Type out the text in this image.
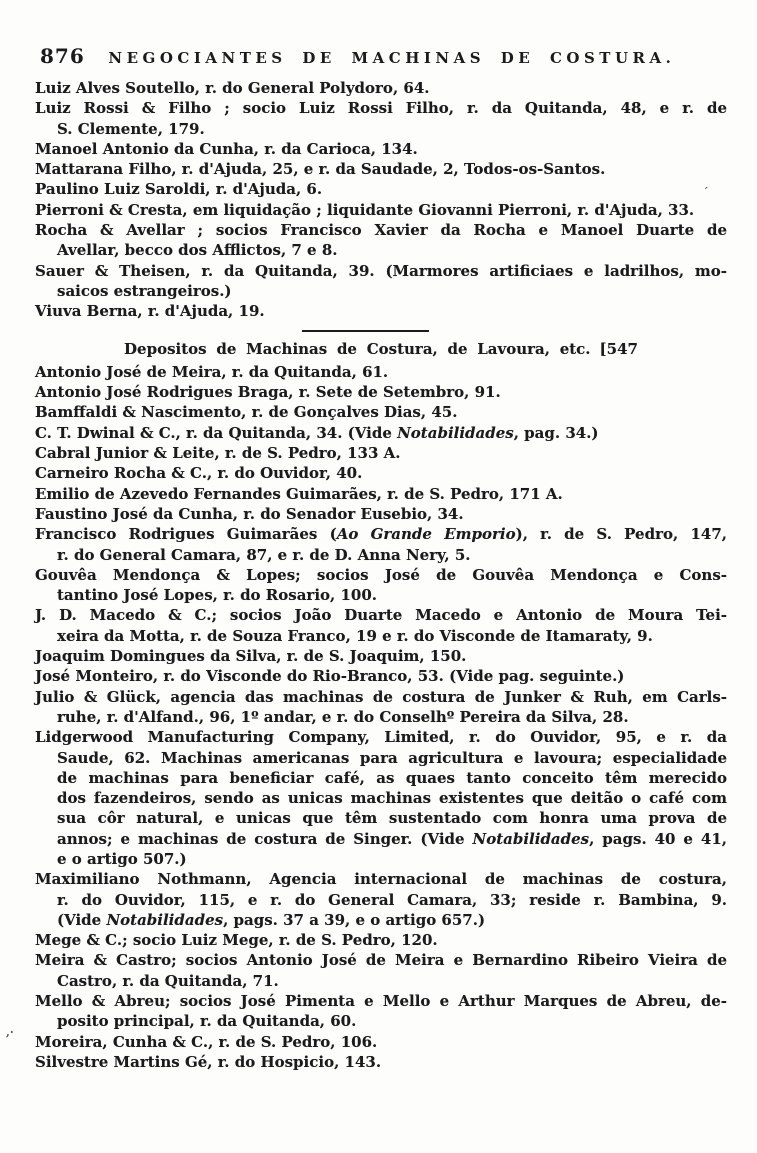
876	NEGOCIANTES DE MACHINAS DE COSTURA.
Luiz Alves Soutello, r. do General Polydoro, 64.
Luiz Rossi & Filho ; socio Luiz Rossi Filho, r. da Quitanda, 48, e r. de
S. Clemente, 179.
Manoel Antonio da Cunha, r. da Carioca, 134.
Mattarana Filho, r. d'Ajuda, 25, e r. da Saudade, 2, Todos-os-Santos.
Paulino Luiz Saroldi, r. d'Ajuda, 6.
Pierroni & Cresta, em liquidação ; liquidante Giovanni Pierroni, r. d'Ajuda, 33.
Rocha & Avellar ; socios Francisco Xavier da Rocha e Manoel Duarte de
Avellar, becco dos Afflictos, 7 e 8.
Sauer & Theisen, r. da Quitanda, 39. (Marmores artificiaes e ladrilhos, mo-
saicos estrangeiros.)
Viuva Berna, r. d'Ajuda, 19.
Depositos de Machinas de Costura, de Lavoura, etc. [547
Antonio José de Meira, r. da Quitanda, 61.
Antonio José Rodrigues Braga, r. Sete de Setembro, 91.
Bamffaldi & Nascimento, r. de Gonçalves Dias, 45.
C. T. Dwinal & C., r. da Quitanda, 34. (Vide Notabilidades, pag. 34.)
Cabral Junior & Leite, r. de S. Pedro, 133 A.
Carneiro Rocha & C., r. do Ouvidor, 40.
Emilio de Azevedo Fernandes Guimarães, r. de S. Pedro, 171 A.
Faustino José da Cunha, r. do Senador Eusebio, 34.
Francisco Rodrigues Guimarães (Ao Grande Emporio), r. de S. Pedro, 147,
r. do General Camara, 87, e r. de D. Anna Nery, 5.
Gouvêa Mendonça & Lopes; socios José de Gouvêa Mendonça e Cons-
tantino José Lopes, r. do Rosario, 100.
J. D. Macedo & C.; socios João Duarte Macedo e Antonio de Moura Tei-
xeira da Motta, r. de Souza Franco, 19 e r. do Visconde de Itamaraty, 9.
Joaquim Domingues da Silva, r. de S. Joaquim, 150.
José Monteiro, r. do Visconde do Rio-Branco, 53. (Vide pag. seguinte.)
Julio & Glück, agencia das machinas de costura de Junker & Ruh, em Carls-
ruhe, r. d'Alfand., 96, 1º andar, e r. do Conselhº Pereira da Silva, 28.
Lidgerwood Manufacturing Company, Limited, r. do Ouvidor, 95, e r. da
Saude, 62. Machinas americanas para agricultura e lavoura; especialidade
de machinas para beneficiar café, as quaes tanto conceito têm merecido
dos fazendeiros, sendo as unicas machinas existentes que deitão o café com
sua côr natural, e unicas que têm sustentado com honra uma prova de
annos; e machinas de costura de Singer. (Vide Notabilidades, pags. 40 e 41,
e o artigo 507.)
Maximiliano Nothmann, Agencia internacional de machinas de costura,
r. do Ouvidor, 115, e r. do General Camara, 33; reside r. Bambina, 9.
(Vide Notabilidades, pags. 37 a 39, e o artigo 657.)
Mege & C.; socio Luiz Mege, r. de S. Pedro, 120.
Meira & Castro; socios Antonio José de Meira e Bernardino Ribeiro Vieira de
Castro, r. da Quitanda, 71.
Mello & Abreu; socios José Pimenta e Mello e Arthur Marques de Abreu, de-
posito principal, r. da Quitanda, 60.
Moreira, Cunha & C., r. de S. Pedro, 106.
Silvestre Martins Gé, r. do Hospicio, 143.
,·
´
